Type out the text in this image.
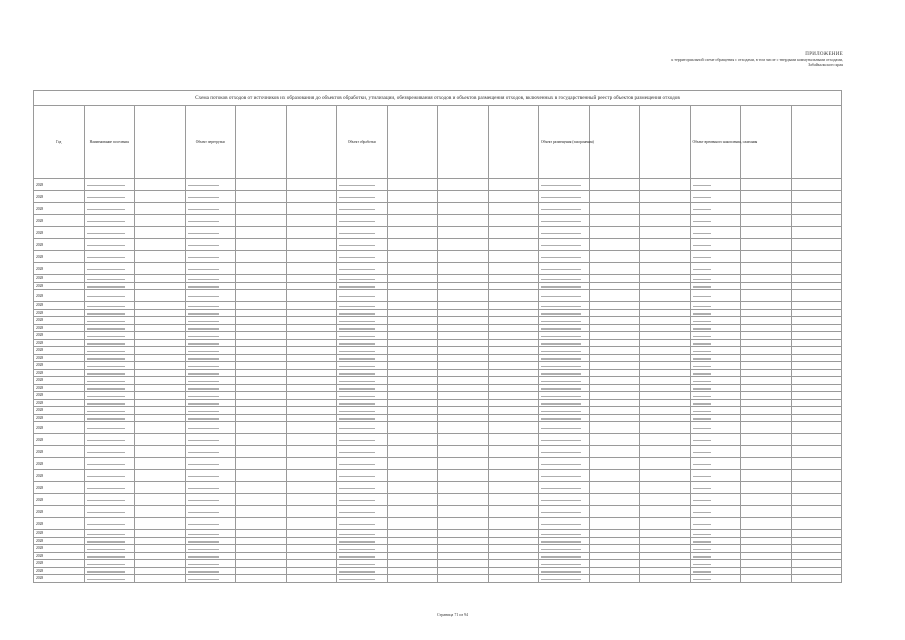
ПРИЛОЖЕНИЕ
к территориальной схеме обращения с отходами, в том числе с твердыми коммунальными отходами, Забайкальского края
Схема потоков отходов от источников их образования до объектов обработки, утилизации, обезвреживания отходов и объектов размещения отходов, включенных в государственный реестр объектов размещения отходов															
Год	Наименование поселения		Объект перегрузки			Объект обработки				Объект размещения (захоронения)			Объект временного накопления, сжигания		
2028	

2028	

2028	

2028	

2028	

2028	

2028	

2028	

2028	

2028	

2028	

2028	

2028	

2028	

2028	

2028	

2028	

2028	

2028	

2028	

2028	

2028	

2028	

2028	

2028	

2028	

2028	

2028	

2028	

2028	

2028	

2028	

2028	

2028	

2028	

2028	

2028	

2028	

2028	

2028	

2028	

2028	

2028	

Страница 71 из 94
